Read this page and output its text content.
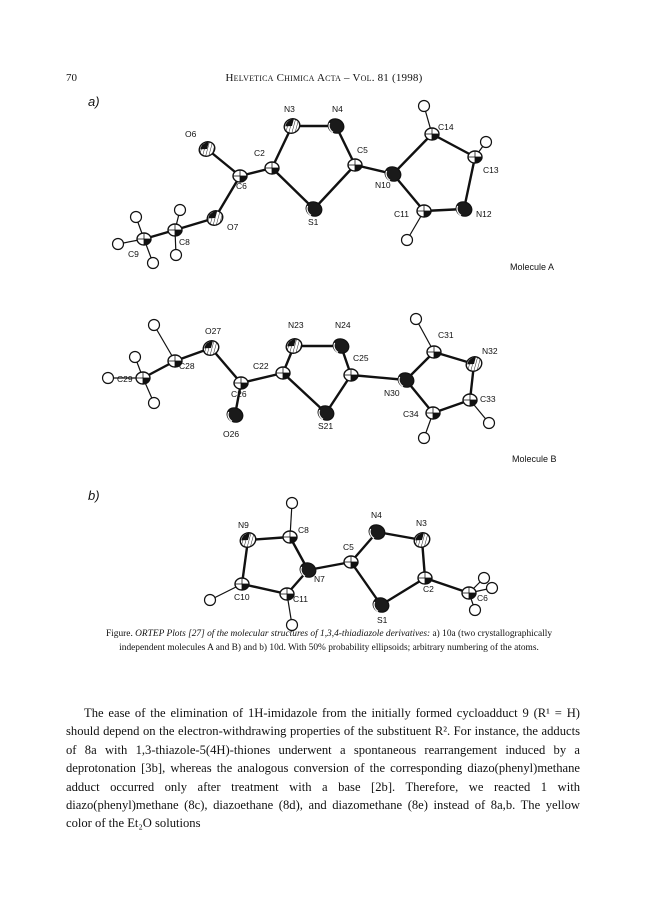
70	Helvetica Chimica Acta – Vol. 81 (1998)
a)
b)
Molecule A
Molecule B
N3	N4
O6
C2	C5
C14
C13
C6	N10
C11	N12
S1
O7
C8
C9
N23	N24
O27	C31
N32
C28	C22
C25
C29
N30
C26	C33
C34
S21
O26
N4
N9	C8
N3
C5
N7
C2
C6
C10	C11
S1
Figure. ORTEP Plots [27] of the molecular structures of 1,3,4-thiadiazole derivatives: a) 10a (two crystallographically independent molecules A and B) and b) 10d. With 50% probability ellipsoids; arbitrary numbering of the atoms.

The ease of the elimination of 1H-imidazole from the initially formed cycloadduct 9 (R¹ = H) should depend on the electron-withdrawing properties of the substituent R². For instance, the adducts of 8a with 1,3-thiazole-5(4H)-thiones underwent a spontaneous rearrangement induced by a deprotonation [3b], whereas the analogous conversion of the corresponding diazo(phenyl)methane adduct occurred only after treatment with a base [2b]. Therefore, we reacted 1 with diazo(phenyl)methane (8c), diazoethane (8d), and diazomethane (8e) instead of 8a,b. The yellow color of the Et₂O solutions
